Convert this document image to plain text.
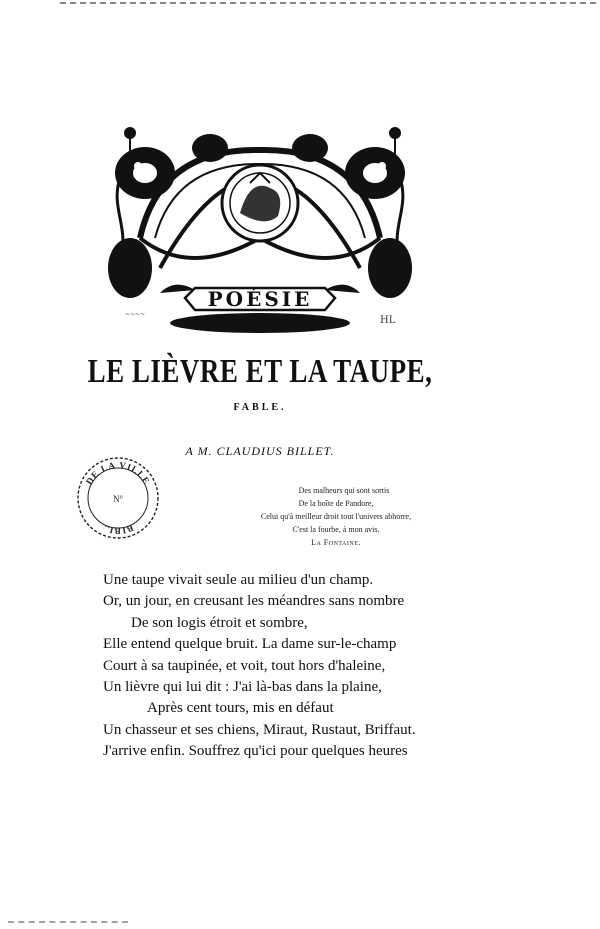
POÉSIE
~~~~
HL
LE LIÈVRE ET LA TAUPE,
FABLE.
A M. CLAUDIUS BILLET.
DE LA VILLE
BIBL.
N°
Des malheurs qui sont sortis
De la boîte de Pandore,
Celui qu'à meilleur droit tout l'univers abhorre,
C'est la fourbe, à mon avis.
La Fontaine.
Une taupe vivait seule au milieu d'un champ.
Or, un jour, en creusant les méandres sans nombre
De son logis étroit et sombre,
Elle entend quelque bruit. La dame sur-le-champ
Court à sa taupinée, et voit, tout hors d'haleine,
Un lièvre qui lui dit : J'ai là-bas dans la plaine,
Après cent tours, mis en défaut
Un chasseur et ses chiens, Miraut, Rustaut, Briffaut.
J'arrive enfin. Souffrez qu'ici pour quelques heures
